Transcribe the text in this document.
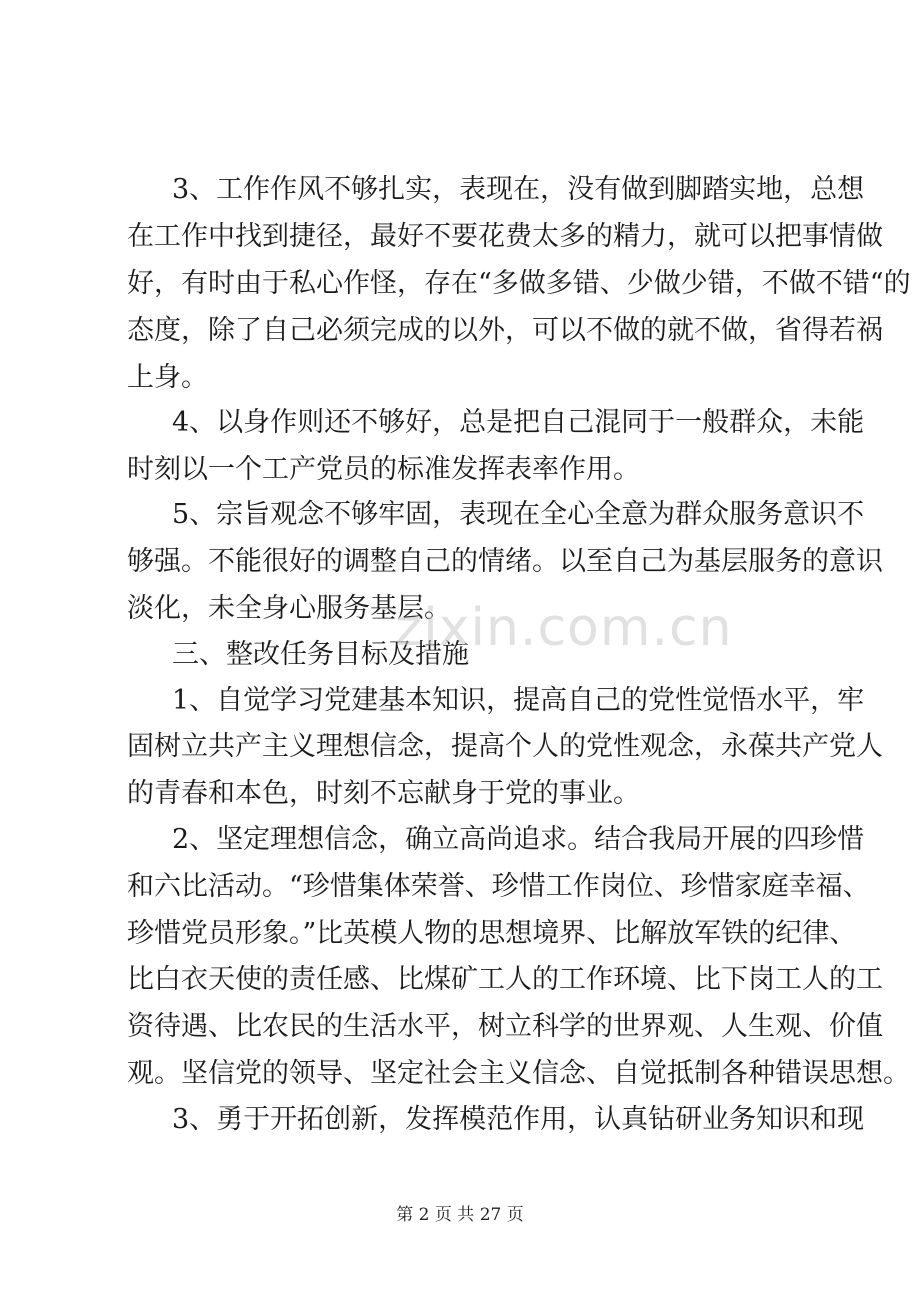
3、工作作风不够扎实，表现在，没有做到脚踏实地，总想
在工作中找到捷径，最好不要花费太多的精力，就可以把事情做
好，有时由于私心作怪，存在“多做多错、少做少错，不做不错“的
态度，除了自己必须完成的以外，可以不做的就不做，省得若祸
上身。
4、以身作则还不够好，总是把自己混同于一般群众，未能
时刻以一个工产党员的标准发挥表率作用。
5、宗旨观念不够牢固，表现在全心全意为群众服务意识不
够强。不能很好的调整自己的情绪。以至自己为基层服务的意识
淡化，未全身心服务基层。
三、整改任务目标及措施
1、自觉学习党建基本知识，提高自己的党性觉悟水平，牢
固树立共产主义理想信念，提高个人的党性观念，永葆共产党人
的青春和本色，时刻不忘献身于党的事业。
2、坚定理想信念，确立高尚追求。结合我局开展的四珍惜
和六比活动。“珍惜集体荣誉、珍惜工作岗位、珍惜家庭幸福、
珍惜党员形象。”比英模人物的思想境界、比解放军铁的纪律、
比白衣天使的责任感、比煤矿工人的工作环境、比下岗工人的工
资待遇、比农民的生活水平，树立科学的世界观、人生观、价值
观。坚信党的领导、坚定社会主义信念、自觉抵制各种错误思想。
3、勇于开拓创新，发挥模范作用，认真钻研业务知识和现
zixin.com.cn
第 2 页 共 27 页
